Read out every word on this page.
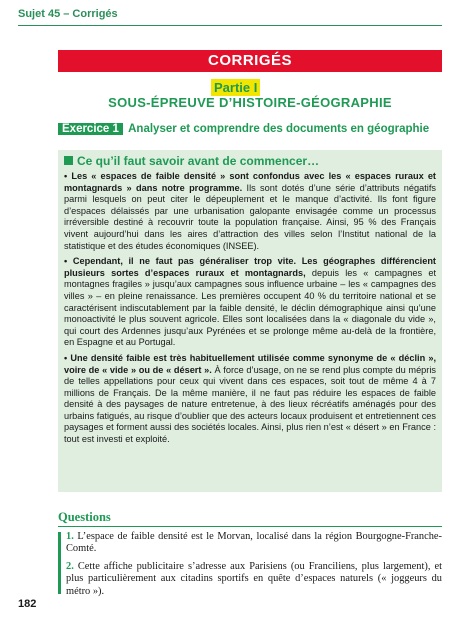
Sujet 45 – Corrigés
CORRIGÉS
Partie I
SOUS-ÉPREUVE D’HISTOIRE-GÉOGRAPHIE
Exercice 1 Analyser et comprendre des documents en géographie
Ce qu’il faut savoir avant de commencer…

• Les « espaces de faible densité » sont confondus avec les « espaces ruraux et montagnards » dans notre programme. Ils sont dotés d’une série d’attributs négatifs parmi lesquels on peut citer le dépeuplement et le manque d’activité. Ils font figure d’espaces délaissés par une urbanisation galopante envisagée comme un processus irréversible destiné à recouvrir toute la population française. Ainsi, 95 % des Français vivent aujourd’hui dans les aires d’attraction des villes selon l’Institut national de la statistique et des études économiques (INSEE).

• Cependant, il ne faut pas généraliser trop vite. Les géographes différencient plusieurs sortes d’espaces ruraux et montagnards, depuis les « campagnes et montagnes fragiles » jusqu’aux campagnes sous influence urbaine – les « campagnes des villes » – en pleine renaissance. Les premières occupent 40 % du territoire national et se caractérisent indiscutablement par la faible densité, le déclin démographique ainsi qu’une monoactivité le plus souvent agricole. Elles sont localisées dans la « diagonale du vide », qui court des Ardennes jusqu’aux Pyrénées et se prolonge même au-delà de la frontière, en Espagne et au Portugal.

• Une densité faible est très habituellement utilisée comme synonyme de « déclin », voire de « vide » ou de « désert ». À force d’usage, on ne se rend plus compte du mépris de telles appellations pour ceux qui vivent dans ces espaces, soit tout de même 4 à 7 millions de Français. De la même manière, il ne faut pas réduire les espaces de faible densité à des paysages de nature entretenue, à des lieux récréatifs aménagés pour des urbains fatigués, au risque d’oublier que des acteurs locaux produisent et entretiennent ces paysages et forment aussi des sociétés locales. Ainsi, plus rien n’est « désert » en France : tout est investi et exploité.

Questions

1. L’espace de faible densité est le Morvan, localisé dans la région Bourgogne-Franche-Comté.

2. Cette affiche publicitaire s’adresse aux Parisiens (ou Franciliens, plus largement), et plus particulièrement aux citadins sportifs en quête d’espaces naturels (« joggeurs du métro »).

182
